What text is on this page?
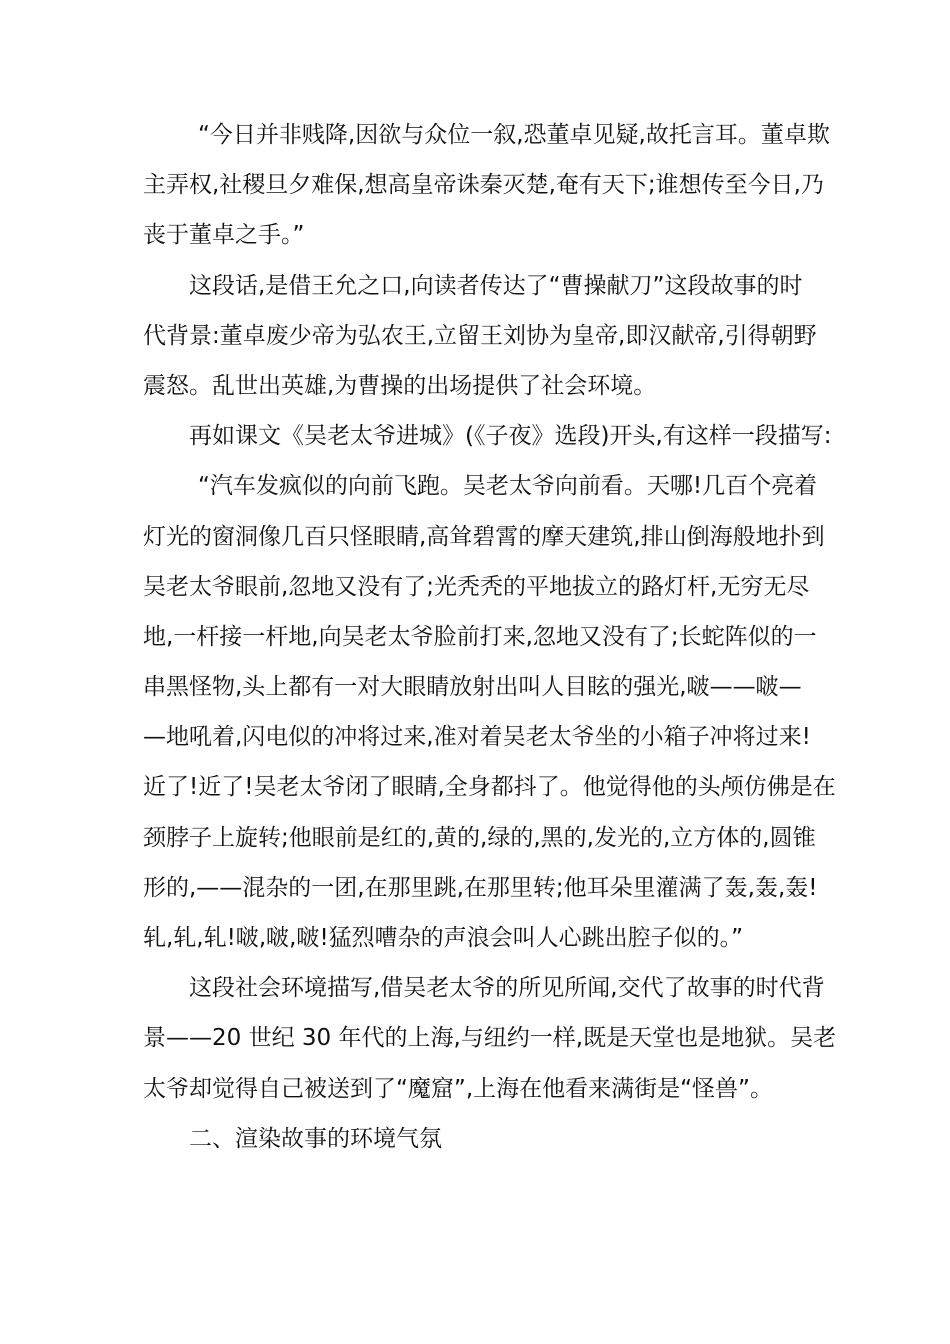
“今日并非贱降,因欲与众位一叙,恐董卓见疑,故托言耳。董卓欺
主弄权,社稷旦夕难保,想高皇帝诛秦灭楚,奄有天下;谁想传至今日,乃
丧于董卓之手。”
这段话,是借王允之口,向读者传达了“曹操献刀”这段故事的时
代背景:董卓废少帝为弘农王,立留王刘协为皇帝,即汉献帝,引得朝野
震怒。乱世出英雄,为曹操的出场提供了社会环境。
再如课文《吴老太爷进城》(《子夜》选段)开头,有这样一段描写:
“汽车发疯似的向前飞跑。吴老太爷向前看。天哪!几百个亮着
灯光的窗洞像几百只怪眼睛,高耸碧霄的摩天建筑,排山倒海般地扑到
吴老太爷眼前,忽地又没有了;光秃秃的平地拔立的路灯杆,无穷无尽
地,一杆接一杆地,向吴老太爷脸前打来,忽地又没有了;长蛇阵似的一
串黑怪物,头上都有一对大眼睛放射出叫人目眩的强光,啵——啵—
—地吼着,闪电似的冲将过来,准对着吴老太爷坐的小箱子冲将过来!
近了!近了!吴老太爷闭了眼睛,全身都抖了。他觉得他的头颅仿佛是在
颈脖子上旋转;他眼前是红的,黄的,绿的,黑的,发光的,立方体的,圆锥
形的,——混杂的一团,在那里跳,在那里转;他耳朵里灌满了轰,轰,轰!
轧,轧,轧!啵,啵,啵!猛烈嘈杂的声浪会叫人心跳出腔子似的。”
这段社会环境描写,借吴老太爷的所见所闻,交代了故事的时代背
景——20 世纪 30 年代的上海,与纽约一样,既是天堂也是地狱。吴老
太爷却觉得自己被送到了“魔窟”,上海在他看来满街是“怪兽”。
二、渲染故事的环境气氛
